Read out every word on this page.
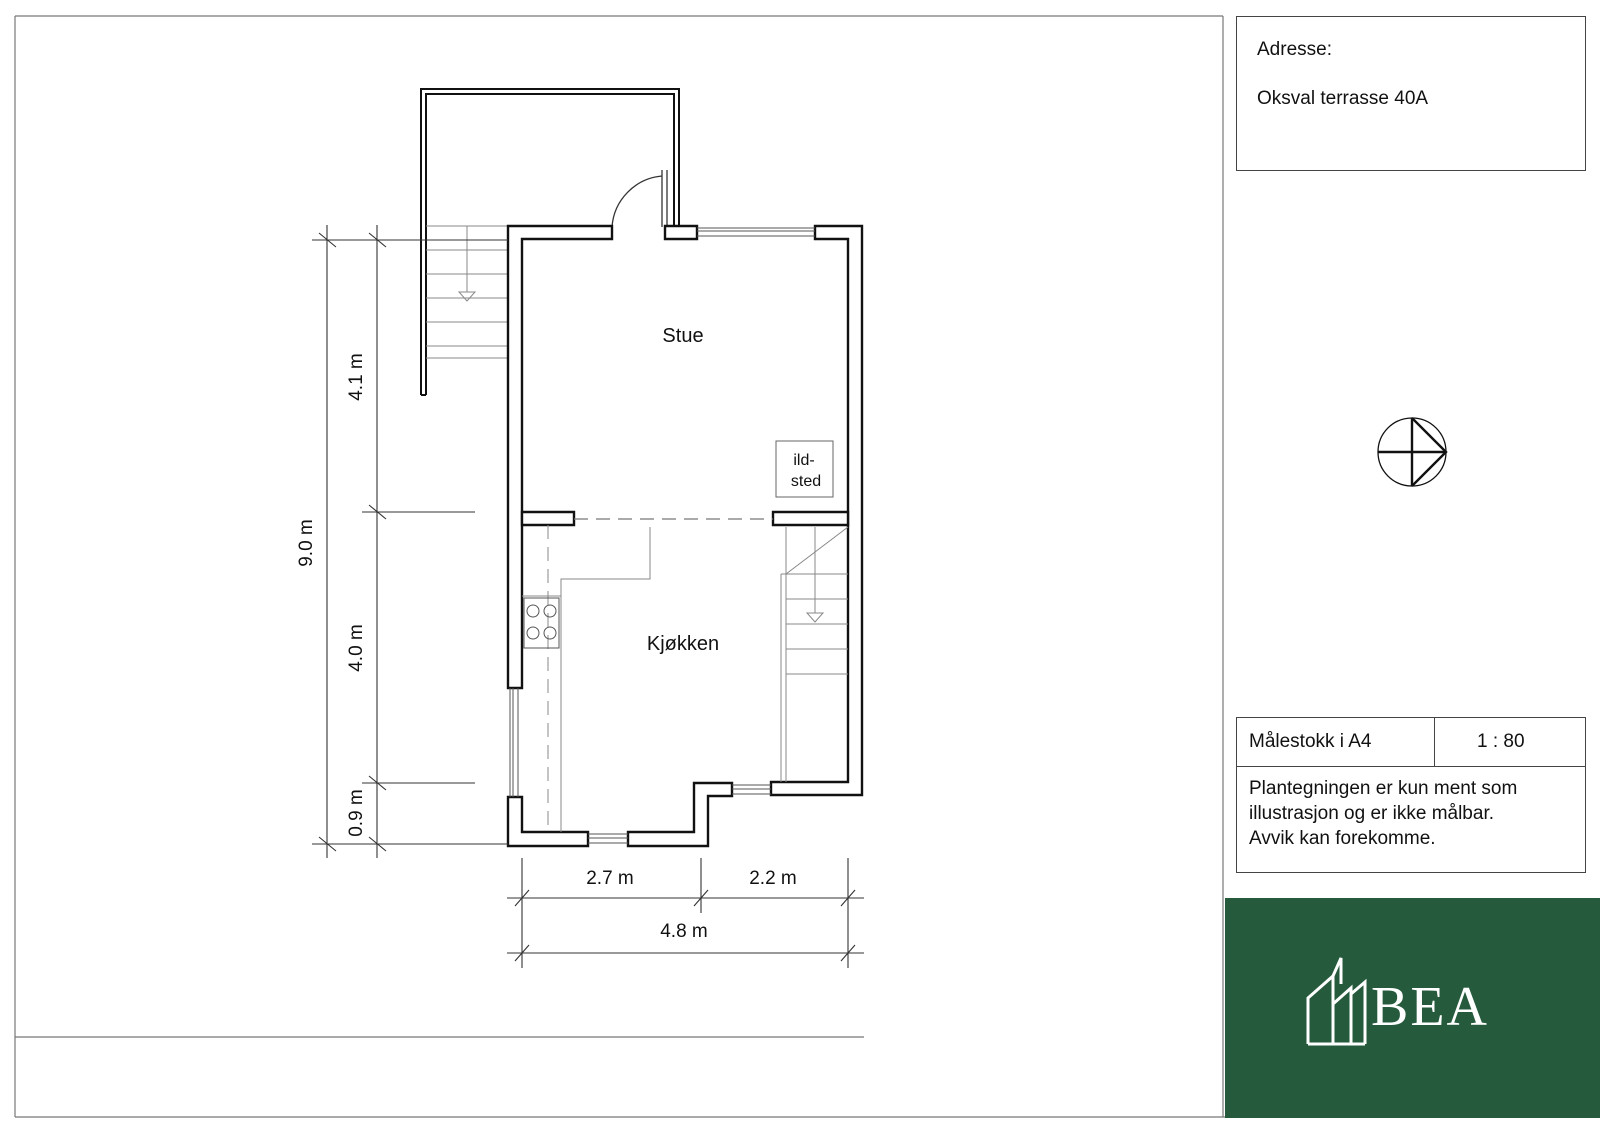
Stue
Kjøkken
ild-
sted
9.0 m
4.1 m
4.0 m
0.9 m
2.7 m	2.2 m
4.8 m
Adresse:
Oksval terrasse 40A
Målestokk i A4	1 : 80
Plantegningen er kun ment som
illustrasjon og er ikke målbar.
Avvik kan forekomme.
BEA
